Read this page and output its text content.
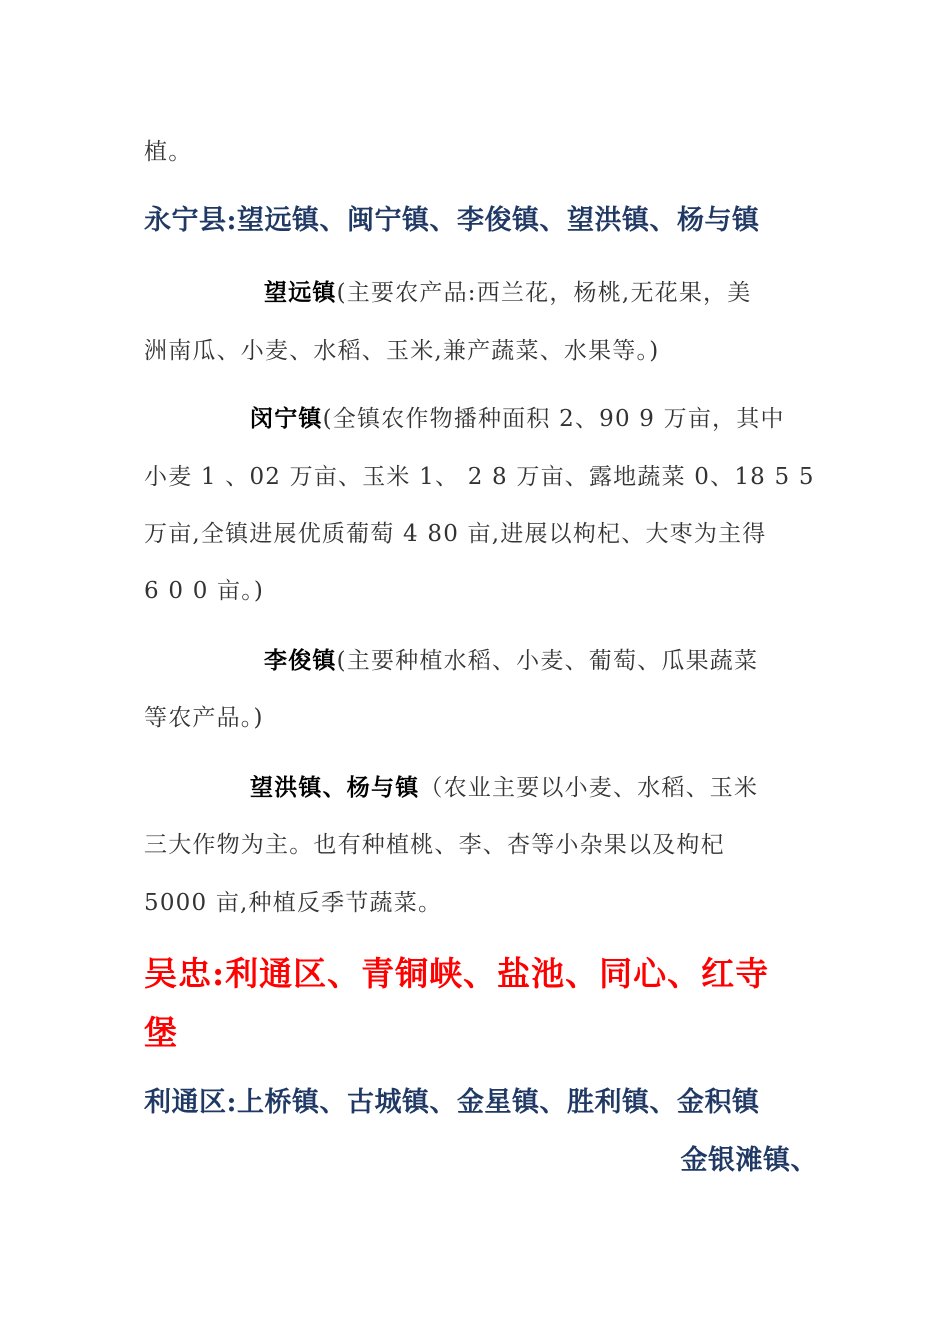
植。
永宁县:望远镇、闽宁镇、李俊镇、望洪镇、杨与镇
望远镇(主要农产品:西兰花，杨桃,无花果，美
洲南瓜、小麦、水稻、玉米,兼产蔬菜、水果等。)
闵宁镇(全镇农作物播种面积 2、90 9 万亩，其中
小麦 1 、02 万亩、玉米 1、 2 8 万亩、露地蔬菜 0、18 5 5
万亩,全镇进展优质葡萄 4 80 亩,进展以枸杞、大枣为主得
6 0 0 亩。)
李俊镇(主要种植水稻、小麦、葡萄、瓜果蔬菜
等农产品。)
望洪镇、杨与镇（农业主要以小麦、水稻、玉米
三大作物为主。也有种植桃、李、杏等小杂果以及枸杞
5000 亩,种植反季节蔬菜。
吴忠:利通区、青铜峡、盐池、同心、红寺
堡
利通区:上桥镇、古城镇、金星镇、胜利镇、金积镇
金银滩镇、
